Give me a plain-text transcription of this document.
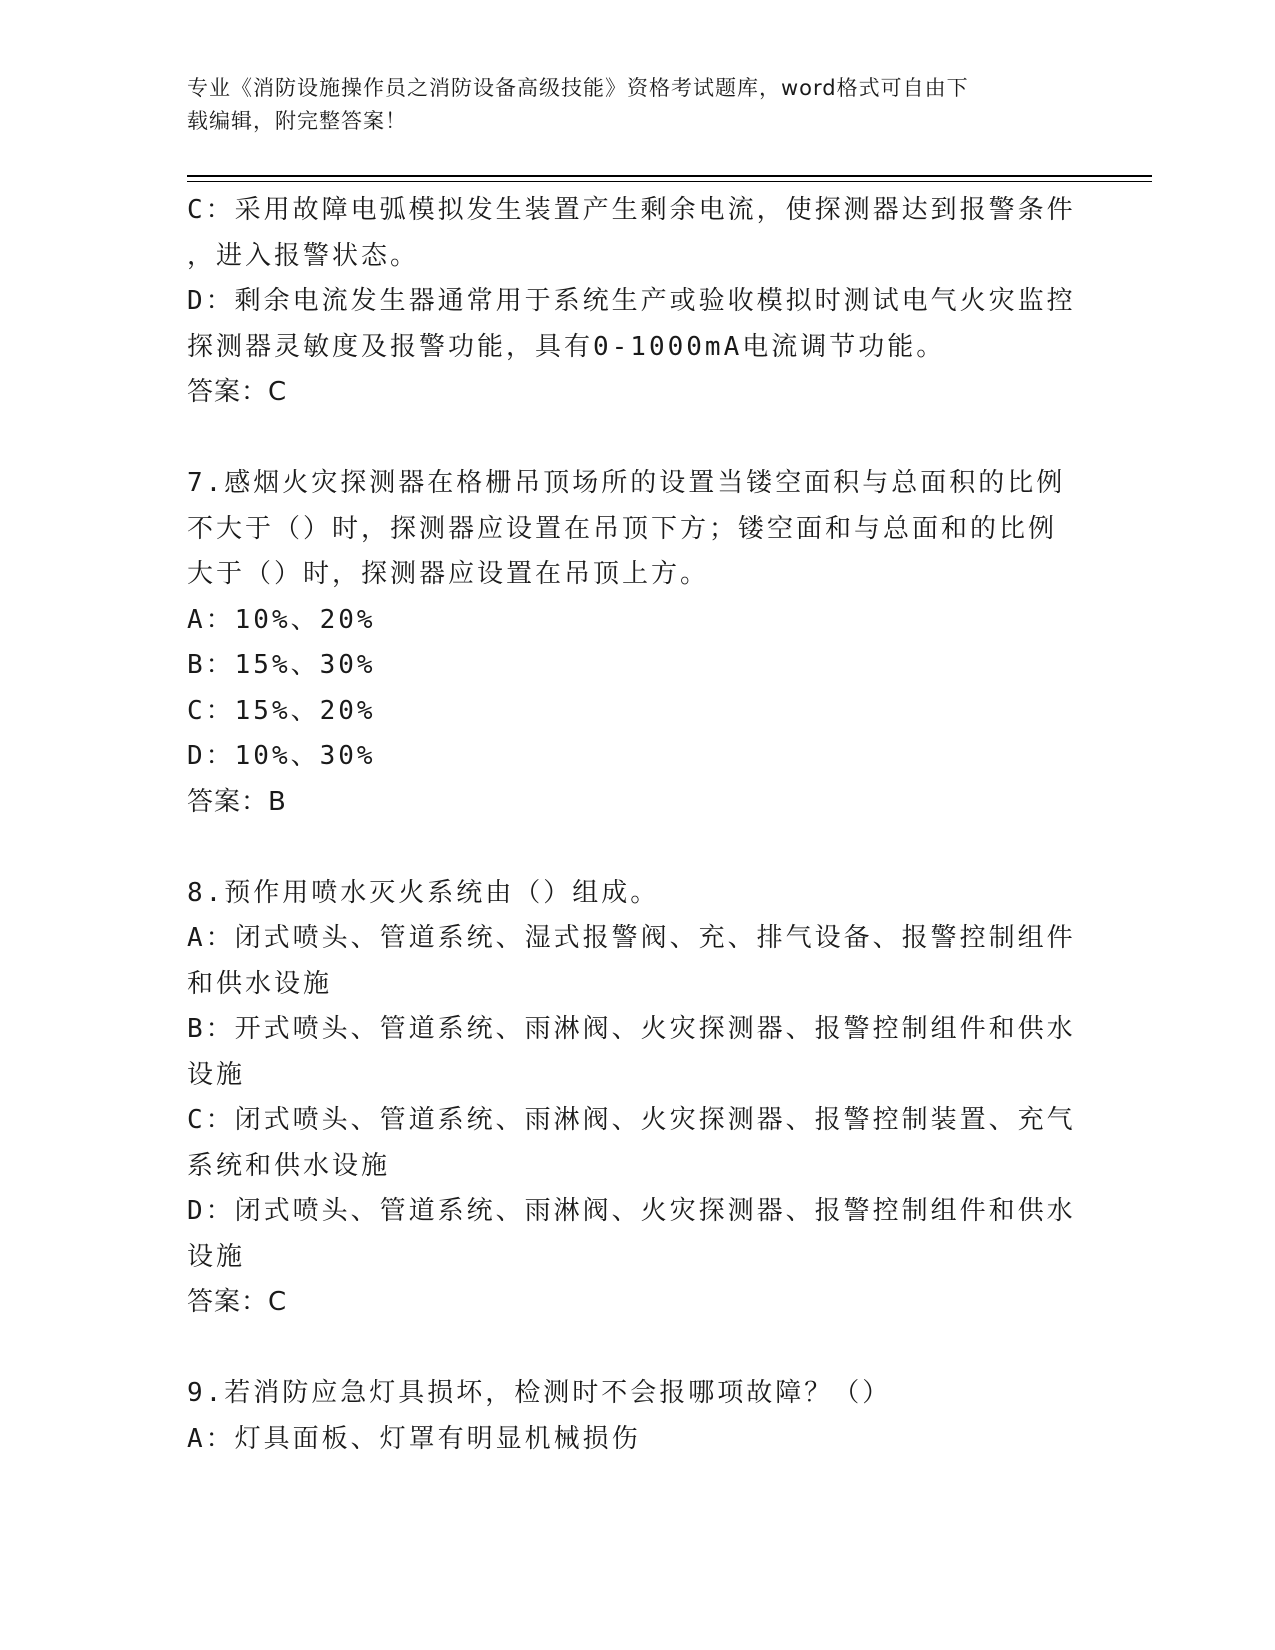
专业《消防设施操作员之消防设备高级技能》资格考试题库，word格式可自由下
载编辑，附完整答案！
C：采用故障电弧模拟发生装置产生剩余电流，使探测器达到报警条件
，进入报警状态。
D：剩余电流发生器通常用于系统生产或验收模拟时测试电气火灾监控
探测器灵敏度及报警功能，具有0-1000mA电流调节功能。
答案：C
7.感烟火灾探测器在格栅吊顶场所的设置当镂空面积与总面积的比例
不大于（）时，探测器应设置在吊顶下方；镂空面和与总面和的比例
大于（）时，探测器应设置在吊顶上方。
A：10%、20%
B：15%、30%
C：15%、20%
D：10%、30%
答案：B
8.预作用喷水灭火系统由（）组成。
A：闭式喷头、管道系统、湿式报警阀、充、排气设备、报警控制组件
和供水设施
B：开式喷头、管道系统、雨淋阀、火灾探测器、报警控制组件和供水
设施
C：闭式喷头、管道系统、雨淋阀、火灾探测器、报警控制装置、充气
系统和供水设施
D：闭式喷头、管道系统、雨淋阀、火灾探测器、报警控制组件和供水
设施
答案：C
9.若消防应急灯具损坏，检测时不会报哪项故障？（）
A：灯具面板、灯罩有明显机械损伤
